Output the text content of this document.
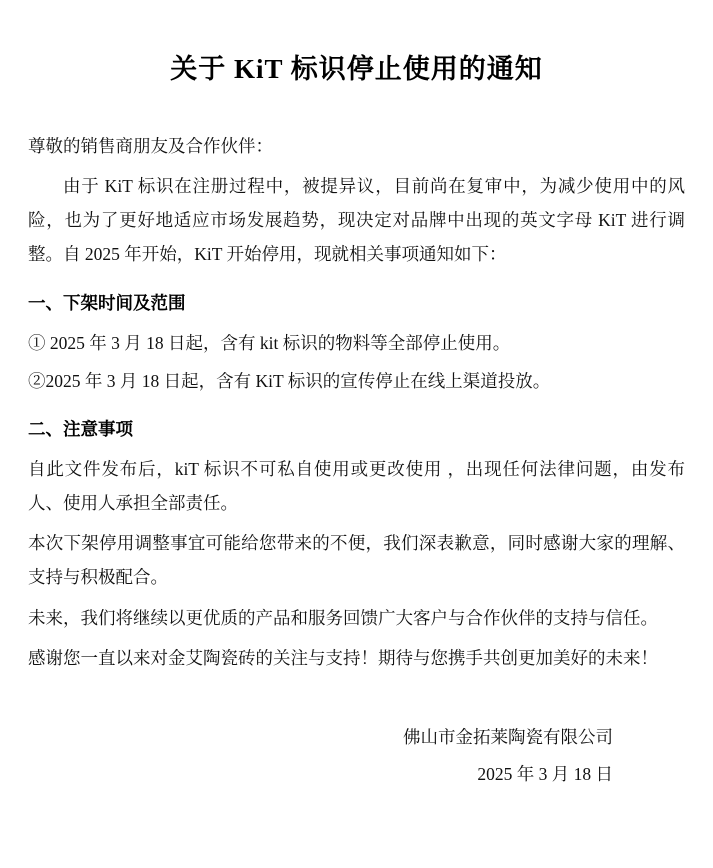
关于 KiT 标识停止使用的通知

尊敬的销售商朋友及合作伙伴：

由于 KiT 标识在注册过程中，被提异议，目前尚在复审中，为减少使用中的风险，也为了更好地适应市场发展趋势，现决定对品牌中出现的英文字母 KiT 进行调整。自 2025 年开始，KiT 开始停用，现就相关事项通知如下：

一、下架时间及范围

① 2025 年 3 月 18 日起，含有 kit 标识的物料等全部停止使用。

②2025 年 3 月 18 日起，含有 KiT 标识的宣传停止在线上渠道投放。

二、注意事项

自此文件发布后，kiT 标识不可私自使用或更改使用 ，出现任何法律问题，由发布人、使用人承担全部责任。

本次下架停用调整事宜可能给您带来的不便，我们深表歉意，同时感谢大家的理解、支持与积极配合。

未来，我们将继续以更优质的产品和服务回馈广大客户与合作伙伴的支持与信任。

感谢您一直以来对金艾陶瓷砖的关注与支持！期待与您携手共创更加美好的未来！

佛山市金拓莱陶瓷有限公司
2025 年 3 月 18 日
